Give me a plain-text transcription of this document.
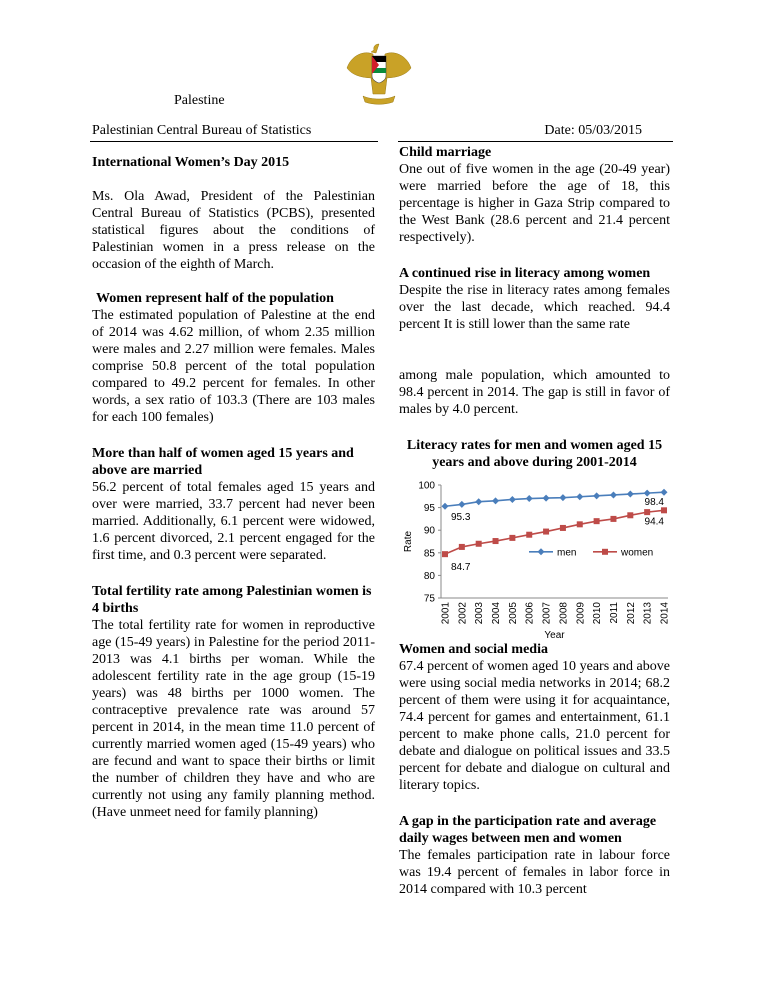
Palestine
Palestinian Central Bureau of Statistics	Date: 05/03/2015

International Women’s Day 2015

Ms. Ola Awad, President of the Palestinian Central Bureau of Statistics (PCBS), presented statistical figures about the conditions of Palestinian women in a press release on the occasion of the eighth of March.

Women represent half of the population

The estimated population of Palestine at the end of 2014 was 4.62 million, of whom 2.35 million were males and 2.27 million were females. Males comprise 50.8 percent of the total population compared to 49.2 percent for females. In other words, a sex ratio of 103.3 (There are 103 males for each 100 females)

More than half of women aged 15 years and above are married

56.2 percent of total females aged 15 years and over were married, 33.7 percent had never been married. Additionally, 6.1 percent were widowed, 1.6 percent divorced, 2.1 percent engaged for the first time, and 0.3 percent were separated.

Total fertility rate among Palestinian women is 4 births

The total fertility rate for women in reproductive age (15-49 years) in Palestine for the period 2011-2013 was 4.1 births per woman. While the adolescent fertility rate in the age group (15-19 years) was 48 births per 1000 women. The contraceptive prevalence rate was around 57 percent in 2014, in the mean time 11.0 percent of currently married women aged (15-49 years) who are fecund and want to space their births or limit the number of children they have and who are currently not using any family planning method. (Have unmeet need for family planning)

Child marriage

One out of five women in the age (20-49 year) were married before the age of 18, this percentage is higher in Gaza Strip compared to the West Bank (28.6 percent and 21.4 percent respectively).

A continued rise in literacy among women

Despite the rise in literacy rates among females over the last decade, which reached. 94.4 percent It is still lower than the same rate

among male population, which amounted to 98.4 percent in 2014. The gap is still in favor of males by 4.0 percent.

Literacy rates for men and women aged 15 years and above during 2001-2014

75
80
85
90
95
100
Rate
2001 2002 2003 2004 2005 2006 2007 2008 2009 2010 2011 2012 2013 2014
Year
98.4
95.3	94.4
84.7
men	women

Women and social media

67.4 percent of women aged 10 years and above were using social media networks in 2014; 68.2 percent of them were using it for acquaintance, 74.4 percent for games and entertainment, 61.1 percent to make phone calls, 21.0 percent for debate and dialogue on political issues and 33.5 percent for debate and dialogue on cultural and literary topics.

A gap in the participation rate and average daily wages between men and women

The females participation rate in labour force was 19.4 percent of females in labor force in 2014 compared with 10.3 percent
